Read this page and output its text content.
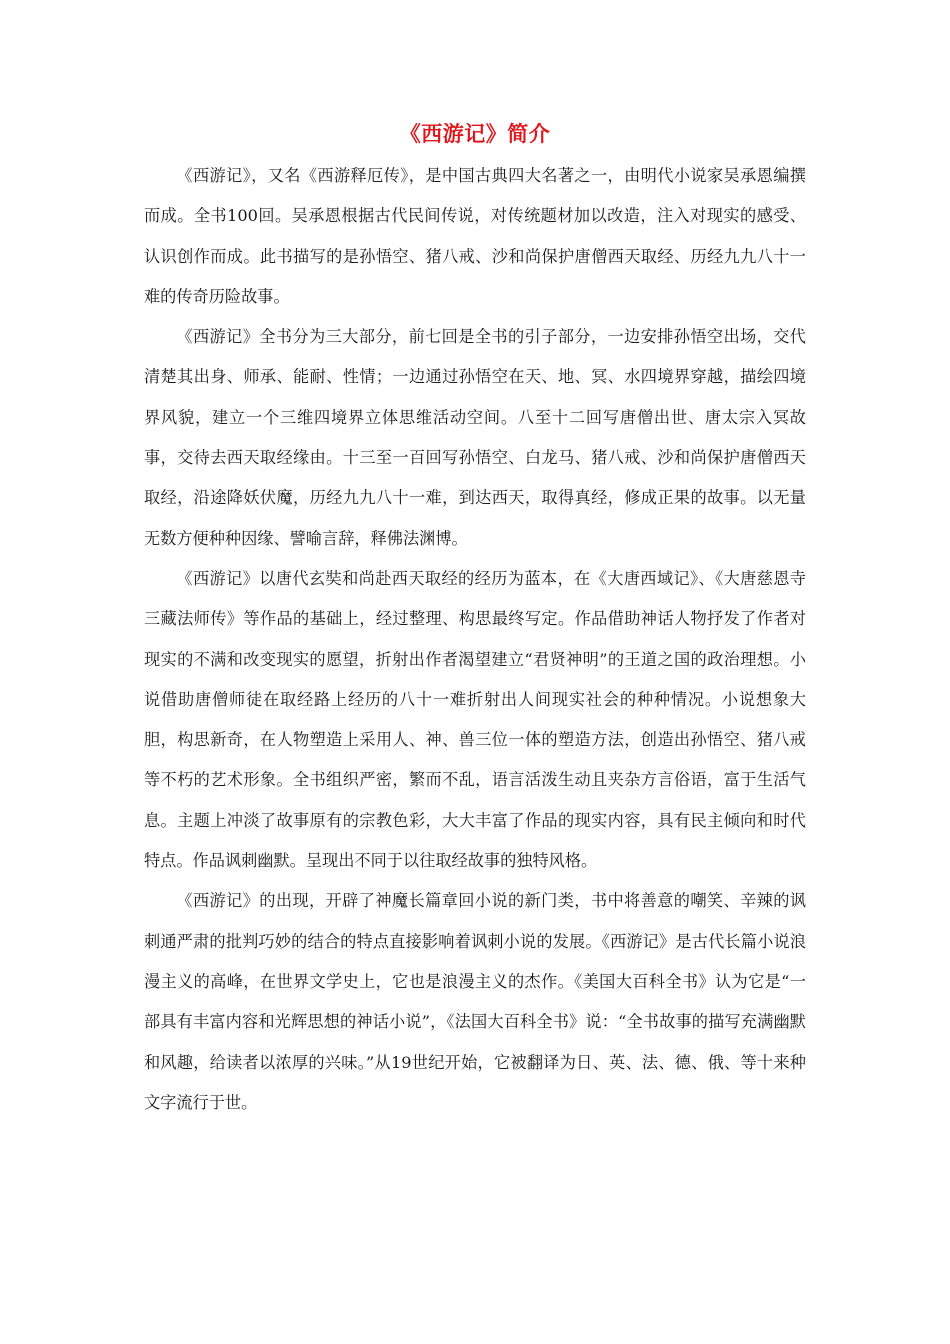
《西游记》简介

《西游记》，又名《西游释厄传》，是中国古典四大名著之一，由明代小说家吴承恩编撰而成。全书100回。吴承恩根据古代民间传说，对传统题材加以改造，注入对现实的感受、认识创作而成。此书描写的是孙悟空、猪八戒、沙和尚保护唐僧西天取经、历经九九八十一难的传奇历险故事。

《西游记》全书分为三大部分，前七回是全书的引子部分，一边安排孙悟空出场，交代清楚其出身、师承、能耐、性情；一边通过孙悟空在天、地、冥、水四境界穿越，描绘四境界风貌，建立一个三维四境界立体思维活动空间。八至十二回写唐僧出世、唐太宗入冥故事，交待去西天取经缘由。十三至一百回写孙悟空、白龙马、猪八戒、沙和尚保护唐僧西天取经，沿途降妖伏魔，历经九九八十一难，到达西天，取得真经，修成正果的故事。以无量无数方便种种因缘、譬喻言辞，释佛法渊博。

《西游记》以唐代玄奘和尚赴西天取经的经历为蓝本，在《大唐西域记》、《大唐慈恩寺三藏法师传》等作品的基础上，经过整理、构思最终写定。作品借助神话人物抒发了作者对现实的不满和改变现实的愿望，折射出作者渴望建立“君贤神明”的王道之国的政治理想。小说借助唐僧师徒在取经路上经历的八十一难折射出人间现实社会的种种情况。小说想象大胆，构思新奇，在人物塑造上采用人、神、兽三位一体的塑造方法，创造出孙悟空、猪八戒等不朽的艺术形象。全书组织严密，繁而不乱，语言活泼生动且夹杂方言俗语，富于生活气息。主题上冲淡了故事原有的宗教色彩，大大丰富了作品的现实内容，具有民主倾向和时代特点。作品讽刺幽默。呈现出不同于以往取经故事的独特风格。

《西游记》的出现，开辟了神魔长篇章回小说的新门类，书中将善意的嘲笑、辛辣的讽刺通严肃的批判巧妙的结合的特点直接影响着讽刺小说的发展。《西游记》是古代长篇小说浪漫主义的高峰，在世界文学史上，它也是浪漫主义的杰作。《美国大百科全书》认为它是“一部具有丰富内容和光辉思想的神话小说”，《法国大百科全书》说：“全书故事的描写充满幽默和风趣，给读者以浓厚的兴味。”从19世纪开始，它被翻译为日、英、法、德、俄、等十来种文字流行于世。
